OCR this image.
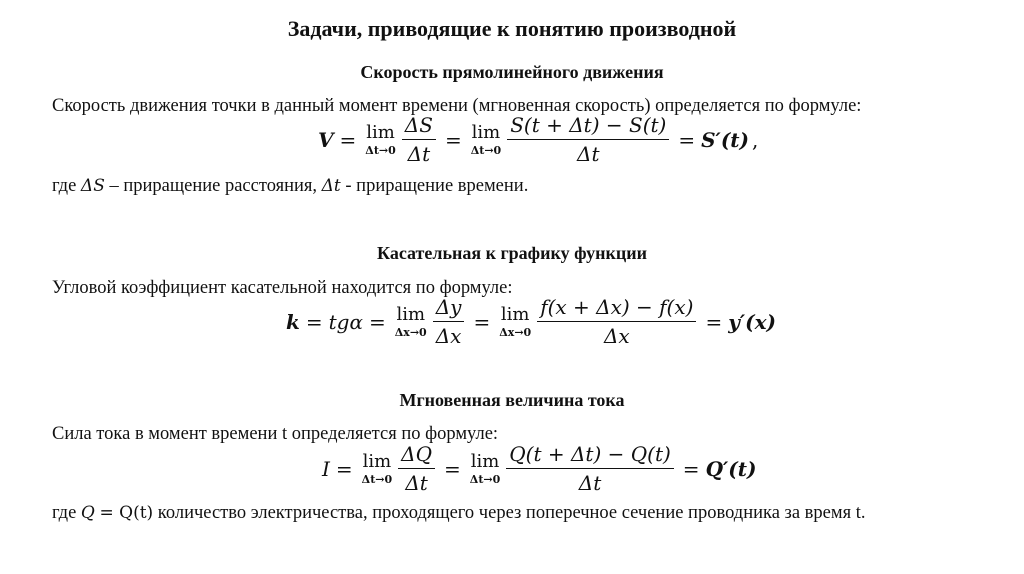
Задачи, приводящие к понятию производной
Скорость прямолинейного движения
Скорость движения точки в данный момент времени (мгновенная скорость) определяется по формуле:
V = lim
$\Delta t\to 0 \frac{\Delta S}{\Delta t} = \lim$
$\Delta t\to 0 \frac{S(t + \Delta t) - S(t)}{\Delta t} = S'(t)$ ,
где ΔS – приращение расстояния, Δt - приращение времени.
Касательная к графику функции
Угловой коэффициент касательной находится по формуле:
k = tgα = lim
$\Delta x\to 0 \frac{\Delta y}{\Delta x} = \lim$
$\Delta x\to 0 \frac{f(x + \Delta x) - f(x)}{\Delta x} = y'(x)$
Мгновенная величина тока
Сила тока в момент времени t определяется по формуле:
I = lim
$\Delta t\to 0 \frac{\Delta Q}{\Delta t} = \lim$
$\Delta t\to 0 \frac{Q(t + \Delta t) - Q(t)}{\Delta t} = Q'(t)$
где Q = Q(t) количество электричества, проходящего через поперечное сечение проводника за время t.
